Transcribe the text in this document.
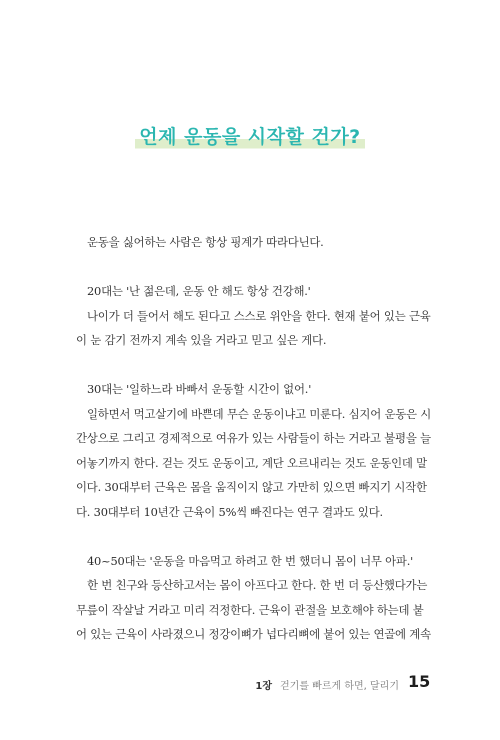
언제 운동을 시작할 건가?

운동을 싫어하는 사람은 항상 핑계가 따라다닌다.

20대는 '난 젊은데, 운동 안 해도 항상 건강해.'
나이가 더 들어서 해도 된다고 스스로 위안을 한다. 현재 붙어 있는 근육
이 눈 감기 전까지 계속 있을 거라고 믿고 싶은 게다.

30대는 '일하느라 바빠서 운동할 시간이 없어.'
일하면서 먹고살기에 바쁜데 무슨 운동이냐고 미룬다. 심지어 운동은 시
간상으로 그리고 경제적으로 여유가 있는 사람들이 하는 거라고 불평을 늘
어놓기까지 한다. 걷는 것도 운동이고, 계단 오르내리는 것도 운동인데 말
이다. 30대부터 근육은 몸을 움직이지 않고 가만히 있으면 빠지기 시작한
다. 30대부터 10년간 근육이 5%씩 빠진다는 연구 결과도 있다.

40~50대는 '운동을 마음먹고 하려고 한 번 했더니 몸이 너무 아파.'
한 번 친구와 등산하고서는 몸이 아프다고 한다. 한 번 더 등산했다가는
무릎이 작살날 거라고 미리 걱정한다. 근육이 관절을 보호해야 하는데 붙
어 있는 근육이 사라졌으니 정강이뼈가 넙다리뼈에 붙어 있는 연골에 계속

1장 걷기를 빠르게 하면, 달리기 15
